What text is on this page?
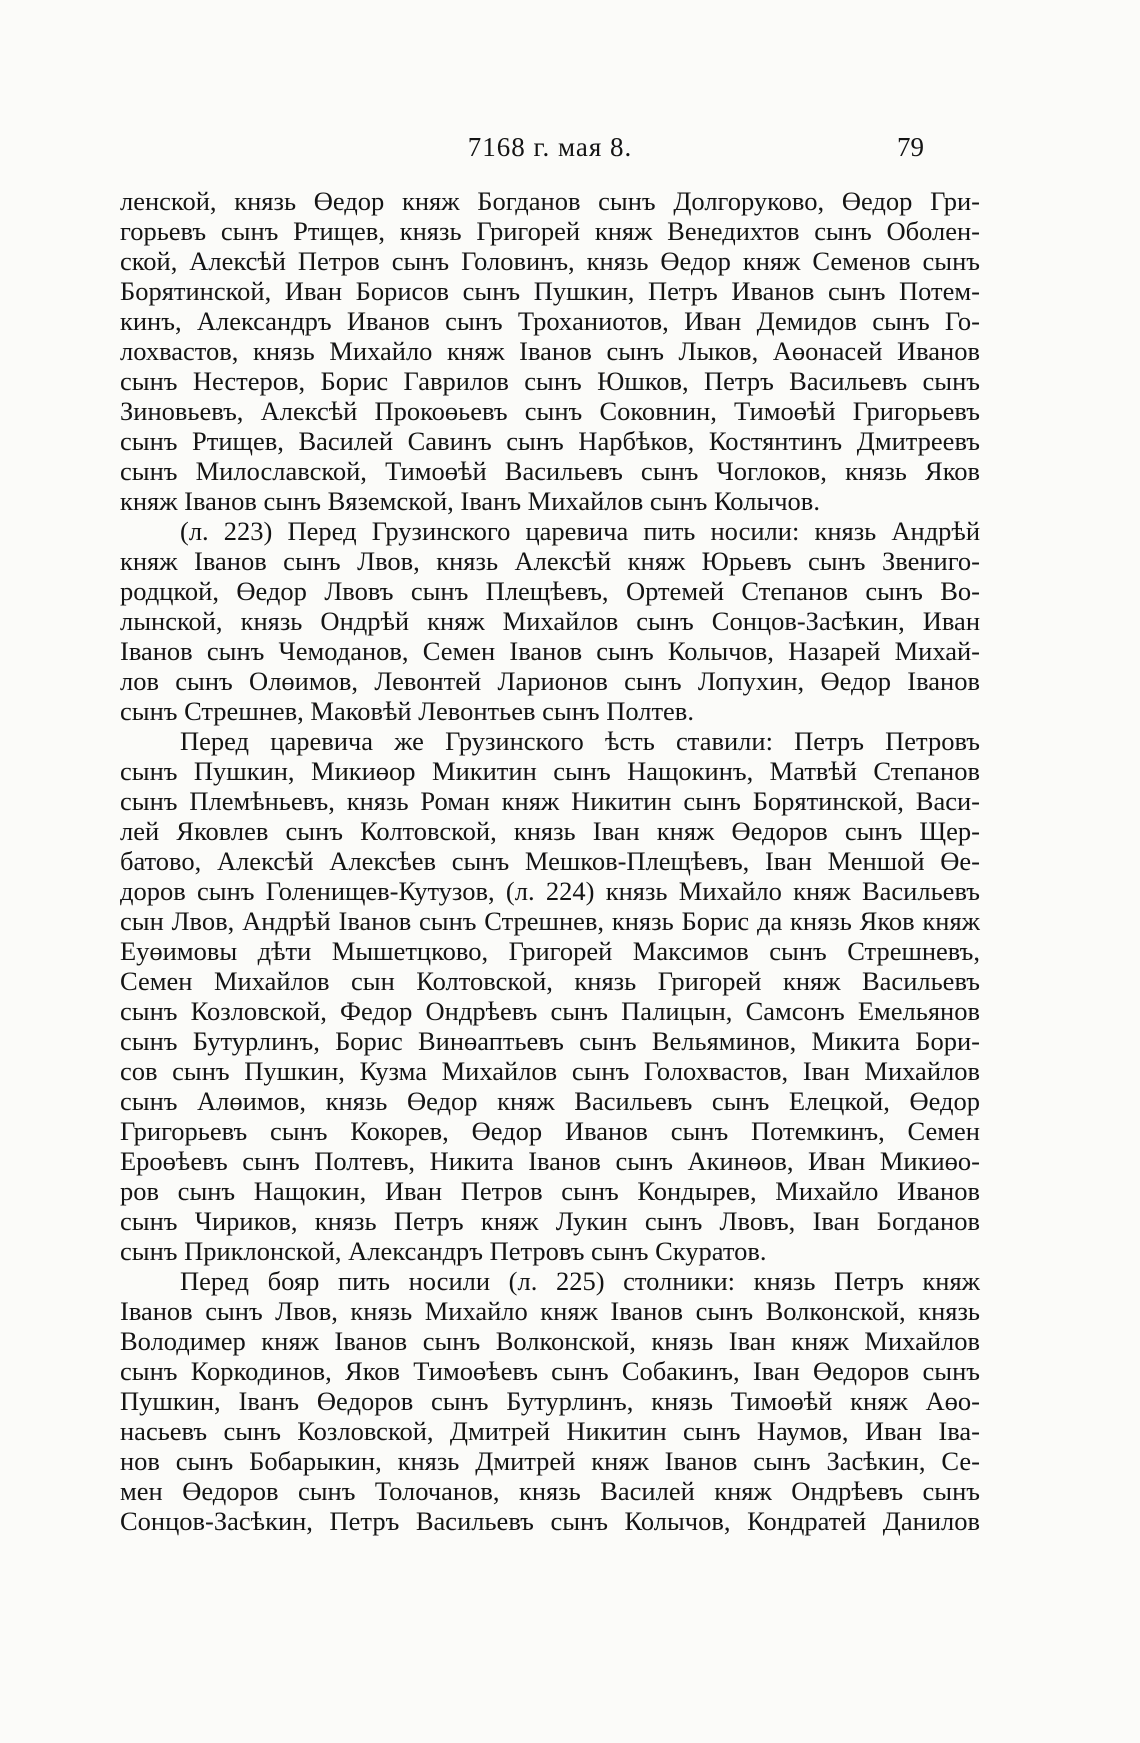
7168 г. мая 8.	79
ленской, князь Өедор княж Богданов сынъ Долгоруково, Өедор Гри-
горьевъ сынъ Ртищев, князь Григорей княж Венедихтов сынъ Оболен-
ской, Алексѣй Петров сынъ Головинъ, князь Өедор княж Семенов сынъ
Борятинской, Иван Борисов сынъ Пушкин, Петръ Иванов сынъ Потем-
кинъ, Александръ Иванов сынъ Трохaниотов, Иван Демидов сынъ Го-
лохвастов, князь Михайло княж Іванов сынъ Лыков, Аөонасей Иванов
сынъ Нестеров, Борис Гаврилов сынъ Юшков, Петръ Васильевъ сынъ
Зиновьевъ, Алексѣй Прокоөьевъ сынъ Соковнин, Тимоөѣй Григорьевъ
сынъ Ртищев, Василей Савинъ сынъ Нарбѣков, Костянтинъ Дмитреевъ
сынъ Милославской, Тимоөѣй Васильевъ сынъ Чоглоков, князь Яков
княж Іванов сынъ Вяземской, Іванъ Михайлов сынъ Колычов.
(л. 223) Перед Грузинского царевича пить носили: князь Андрѣй
княж Іванов сынъ Лвов, князь Алексѣй княж Юрьевъ сынъ Звениго-
родцкой, Өедор Лвовъ сынъ Плещѣевъ, Ортемей Степанов сынъ Во-
лынской, князь Ондрѣй княж Михайлов сынъ Сонцов-Засѣкин, Иван
Іванов сынъ Чемоданов, Семен Іванов сынъ Колычов, Назарей Михай-
лов сынъ Олөимов, Левонтей Ларионов сынъ Лопухин, Өедор Іванов
сынъ Стрешнев, Маковѣй Левонтьев сынъ Полтев.
Перед царевича же Грузинского ѣсть ставили: Петръ Петровъ
сынъ Пушкин, Микиөор Микитин сынъ Нащокинъ, Матвѣй Степанов
сынъ Племѣньевъ, князь Роман княж Никитин сынъ Борятинской, Васи-
лей Яковлев сынъ Колтовской, князь Іван княж Өедоров сынъ Щер-
батово, Алексѣй Алексѣев сынъ Мешков-Плещѣевъ, Іван Меншой Өе-
доров сынъ Голенищев-Кутузов, (л. 224) князь Михайло княж Васильевъ
сын Лвов, Андрѣй Іванов сынъ Стрешнев, князь Борис да князь Яков княж
Еуөимовы дѣти Мышетцково, Григорей Максимов сынъ Стрешневъ,
Семен Михайлов сын Колтовской, князь Григорей княж Васильевъ
сынъ Козловской, Федор Ондрѣевъ сынъ Палицын, Самсонъ Емельянов
сынъ Бутурлинъ, Борис Винөаптьевъ сынъ Вельяминов, Микита Бори-
сов сынъ Пушкин, Кузма Михайлов сынъ Голохвастов, Іван Михайлов
сынъ Алөимов, князь Өедор княж Васильевъ сынъ Елецкой, Өедор
Григорьевъ сынъ Кокорев, Өедор Иванов сынъ Потемкинъ, Семен
Ероөѣевъ сынъ Полтевъ, Никита Іванов сынъ Акинөов, Иван Микиөо-
ров сынъ Нащокин, Иван Петров сынъ Кондырев, Михайло Иванов
сынъ Чириков, князь Петръ княж Лукин сынъ Лвовъ, Іван Богданов
сынъ Приклонской, Александръ Петровъ сынъ Скуратов.
Перед бояр пить носили (л. 225) столники: князь Петръ княж
Іванов сынъ Лвов, князь Михайло княж Іванов сынъ Волконской, князь
Володимер княж Іванов сынъ Волконской, князь Іван княж Михайлов
сынъ Коркодинов, Яков Тимоөѣевъ сынъ Собакинъ, Іван Өедоров сынъ
Пушкин, Іванъ Өедоров сынъ Бутурлинъ, князь Тимоөѣй княж Аөо-
насьевъ сынъ Козловской, Дмитрей Никитин сынъ Наумов, Иван Іва-
нов сынъ Бобарыкин, князь Дмитрей княж Іванов сынъ Засѣкин, Се-
мен Өедоров сынъ Толочанов, князь Василей княж Ондрѣевъ сынъ
Сонцов-Засѣкин, Петръ Васильевъ сынъ Колычов, Кондратей Данилов
